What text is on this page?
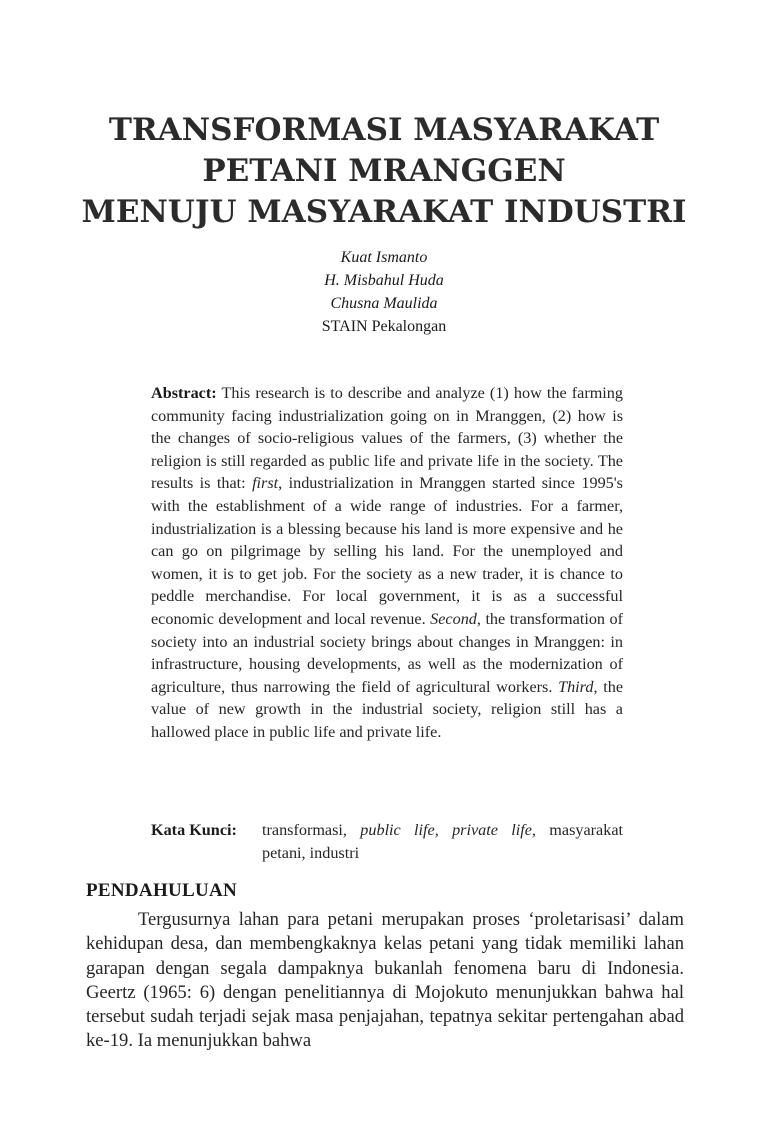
TRANSFORMASI MASYARAKAT
PETANI MRANGGEN
MENUJU MASYARAKAT INDUSTRI
Kuat Ismanto
H. Misbahul Huda
Chusna Maulida
STAIN Pekalongan
Abstract: This research is to describe and analyze (1) how the farming community facing industrialization going on in Mranggen, (2) how is the changes of socio-religious values of the farmers, (3) whether the religion is still regarded as public life and private life in the society. The results is that: first, industrialization in Mranggen started since 1995's with the establishment of a wide range of industries. For a farmer, industrialization is a blessing because his land is more expensive and he can go on pilgrimage by selling his land. For the unemployed and women, it is to get job. For the society as a new trader, it is chance to peddle merchandise. For local government, it is as a successful economic development and local revenue. Second, the transformation of society into an industrial society brings about changes in Mranggen: in infrastructure, housing developments, as well as the modernization of agriculture, thus narrowing the field of agricultural workers. Third, the value of new growth in the industrial society, religion still has a hallowed place in public life and private life.
Kata Kunci:	transformasi, public life, private life, masyarakat petani, industri
PENDAHULUAN
Tergusurnya lahan para petani merupakan proses ‘proletarisasi’ dalam kehidupan desa, dan membengkaknya kelas petani yang tidak memiliki lahan garapan dengan segala dampaknya bukanlah fenomena baru di Indonesia. Geertz (1965: 6) dengan penelitiannya di Mojokuto menunjukkan bahwa hal tersebut sudah terjadi sejak masa penjajahan, tepatnya sekitar pertengahan abad ke-19. Ia menunjukkan bahwa
